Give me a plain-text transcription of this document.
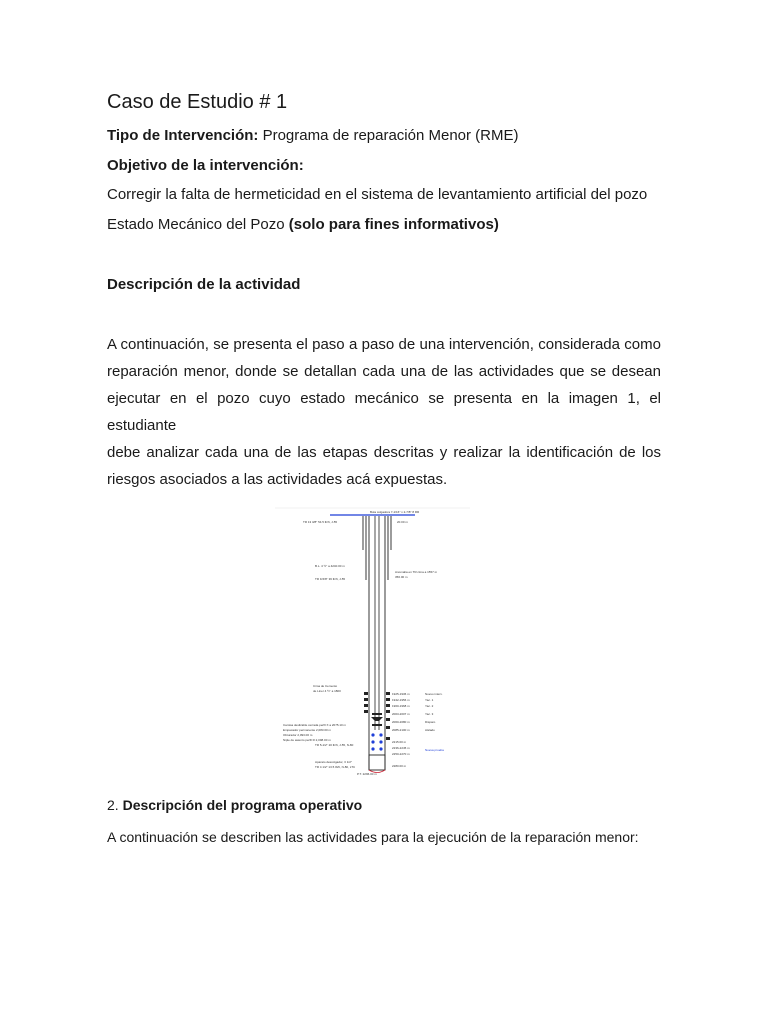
Caso de Estudio # 1
Tipo de Intervención: Programa de reparación Menor (RME)
Objetivo de la intervención:
Corregir la falta de hermeticidad en el sistema de levantamiento artificial del pozo
Estado Mecánico del Pozo (solo para fines informativos)
Descripción de la actividad
A continuación, se presenta el paso a paso de una intervención, considerada como
reparación menor, donde se detallan cada una de las actividades que se desean
ejecutar en el pozo cuyo estado mecánico se presenta en la imagen 1, el estudiante
debe analizar cada una de las etapas descritas y realizar la identificación de los
riesgos asociados a las actividades acá expuestas.
Bola colgadora 7-1/16" x 2-7/8" 8 RR
TR 13 3/8" 54.5 lb/ft, J-55	20.00 m
B.L. 4 ½" a 4240.00 m
TR 9-5/8" 36 lb/ft, J-55
Anomalía en TR cima a 1557 m
356.00 m
Cima de Cemento
de Liner 4 ½" a 1800
1925-1936 m
1942-1956 m
1960-1968 m
2003-2007 m
2060-2080 m
2085-2100 m
2215.00 m
2236-2245 m
2250-2270 m
2280.00 m
Nuevo interv.
Yac. 1
Yac. 2
Yac. 3
Disparo
Aislado
Nueva prueba
Camisa deslizable cerrada perfil X a 2075.10 m
Empacador permanente 2,083.00 m
Obturador 2,093.00 m
Niple de asiento perfil R 2,098.00 m
TR 5-1/2" 20 lb/ft, J-55, N-80
Aparato descolgador, 3 1/2"
TR 4 1/2" 13.5 lb/ft, N-80, LTC
P.T. 2296.00 m
2. Descripción del programa operativo
A continuación se describen las actividades para la ejecución de la reparación menor:
